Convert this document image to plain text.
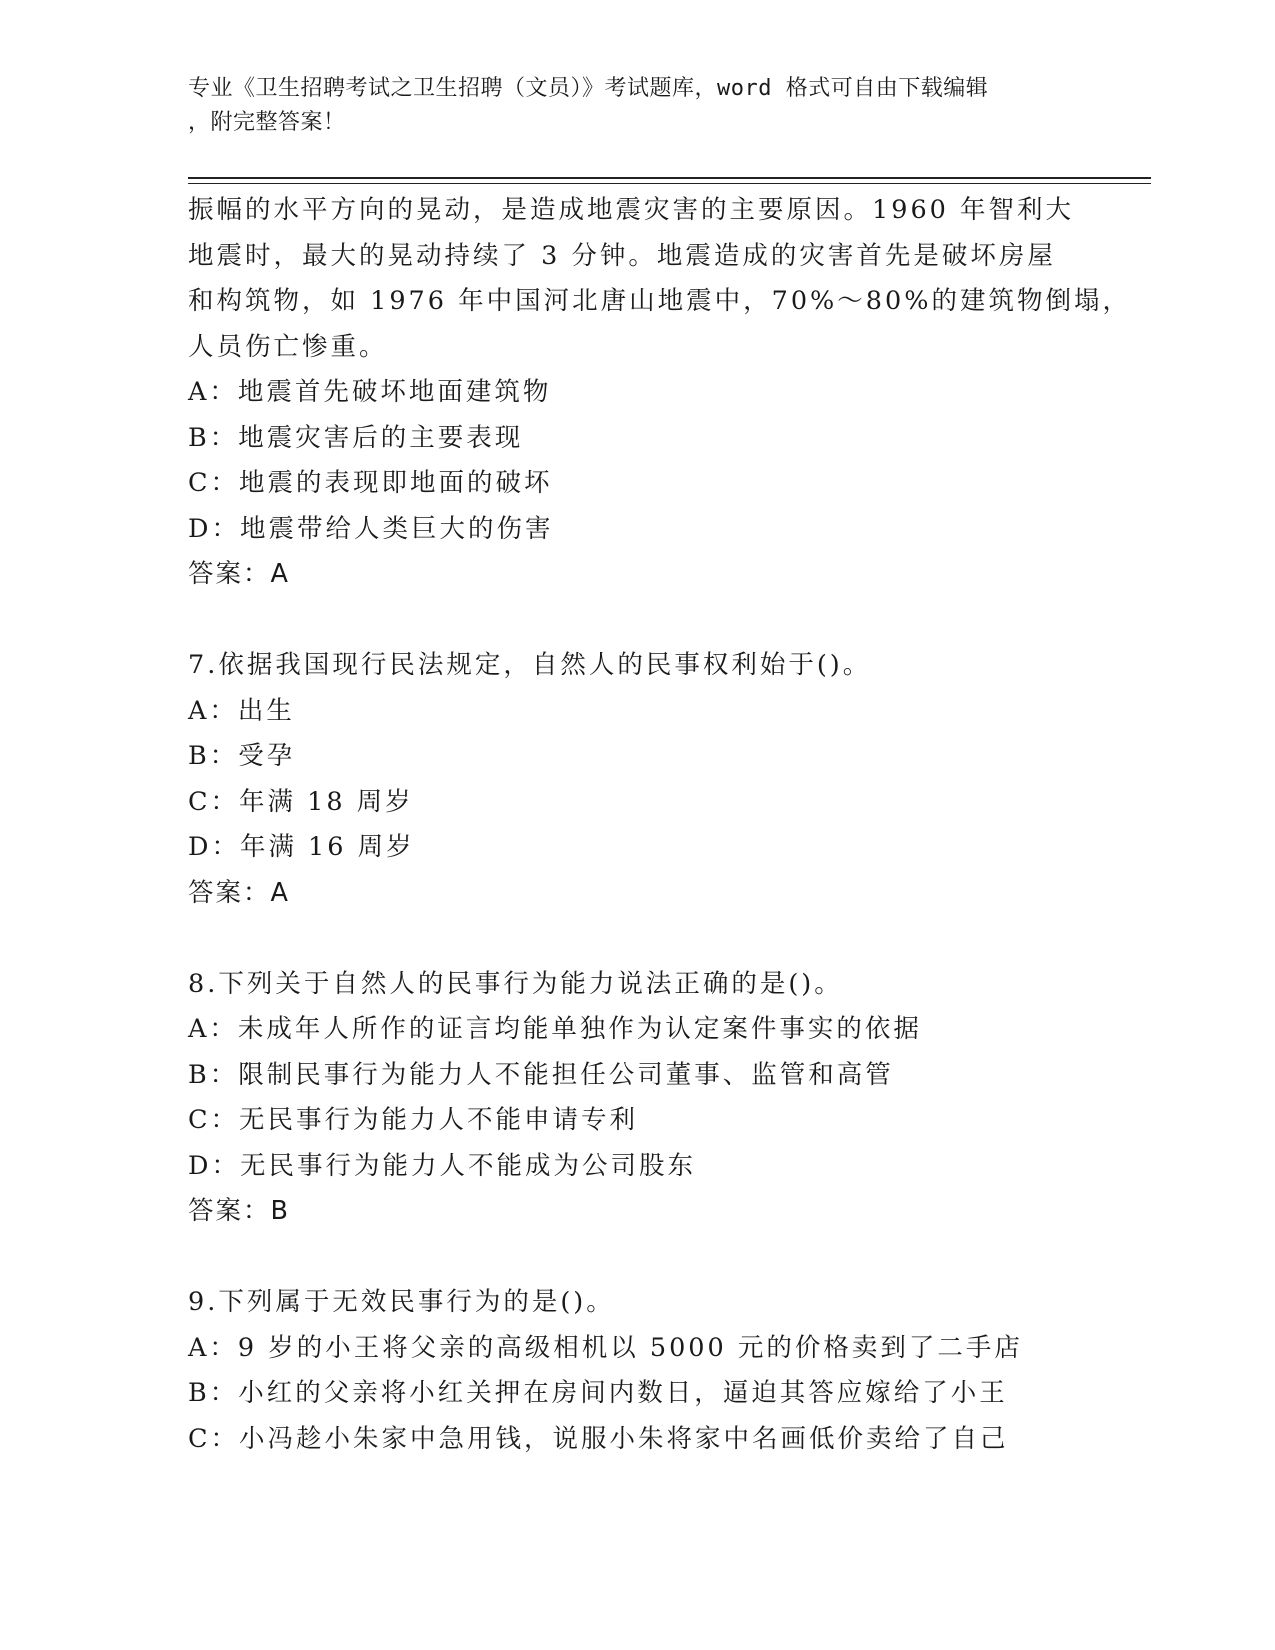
专业《卫生招聘考试之卫生招聘（文员）》考试题库，word 格式可自由下载编辑
，附完整答案！
振幅的水平方向的晃动，是造成地震灾害的主要原因。1960 年智利大
地震时，最大的晃动持续了 3 分钟。地震造成的灾害首先是破坏房屋
和构筑物，如 1976 年中国河北唐山地震中，70%～80%的建筑物倒塌，
人员伤亡惨重。
A：地震首先破坏地面建筑物
B：地震灾害后的主要表现
C：地震的表现即地面的破坏
D：地震带给人类巨大的伤害
答案：A
7.依据我国现行民法规定，自然人的民事权利始于()。
A：出生
B：受孕
C：年满 18 周岁
D：年满 16 周岁
答案：A
8.下列关于自然人的民事行为能力说法正确的是()。
A：未成年人所作的证言均能单独作为认定案件事实的依据
B：限制民事行为能力人不能担任公司董事、监管和高管
C：无民事行为能力人不能申请专利
D：无民事行为能力人不能成为公司股东
答案：B
9.下列属于无效民事行为的是()。
A：9 岁的小王将父亲的高级相机以 5000 元的价格卖到了二手店
B：小红的父亲将小红关押在房间内数日，逼迫其答应嫁给了小王
C：小冯趁小朱家中急用钱，说服小朱将家中名画低价卖给了自己
